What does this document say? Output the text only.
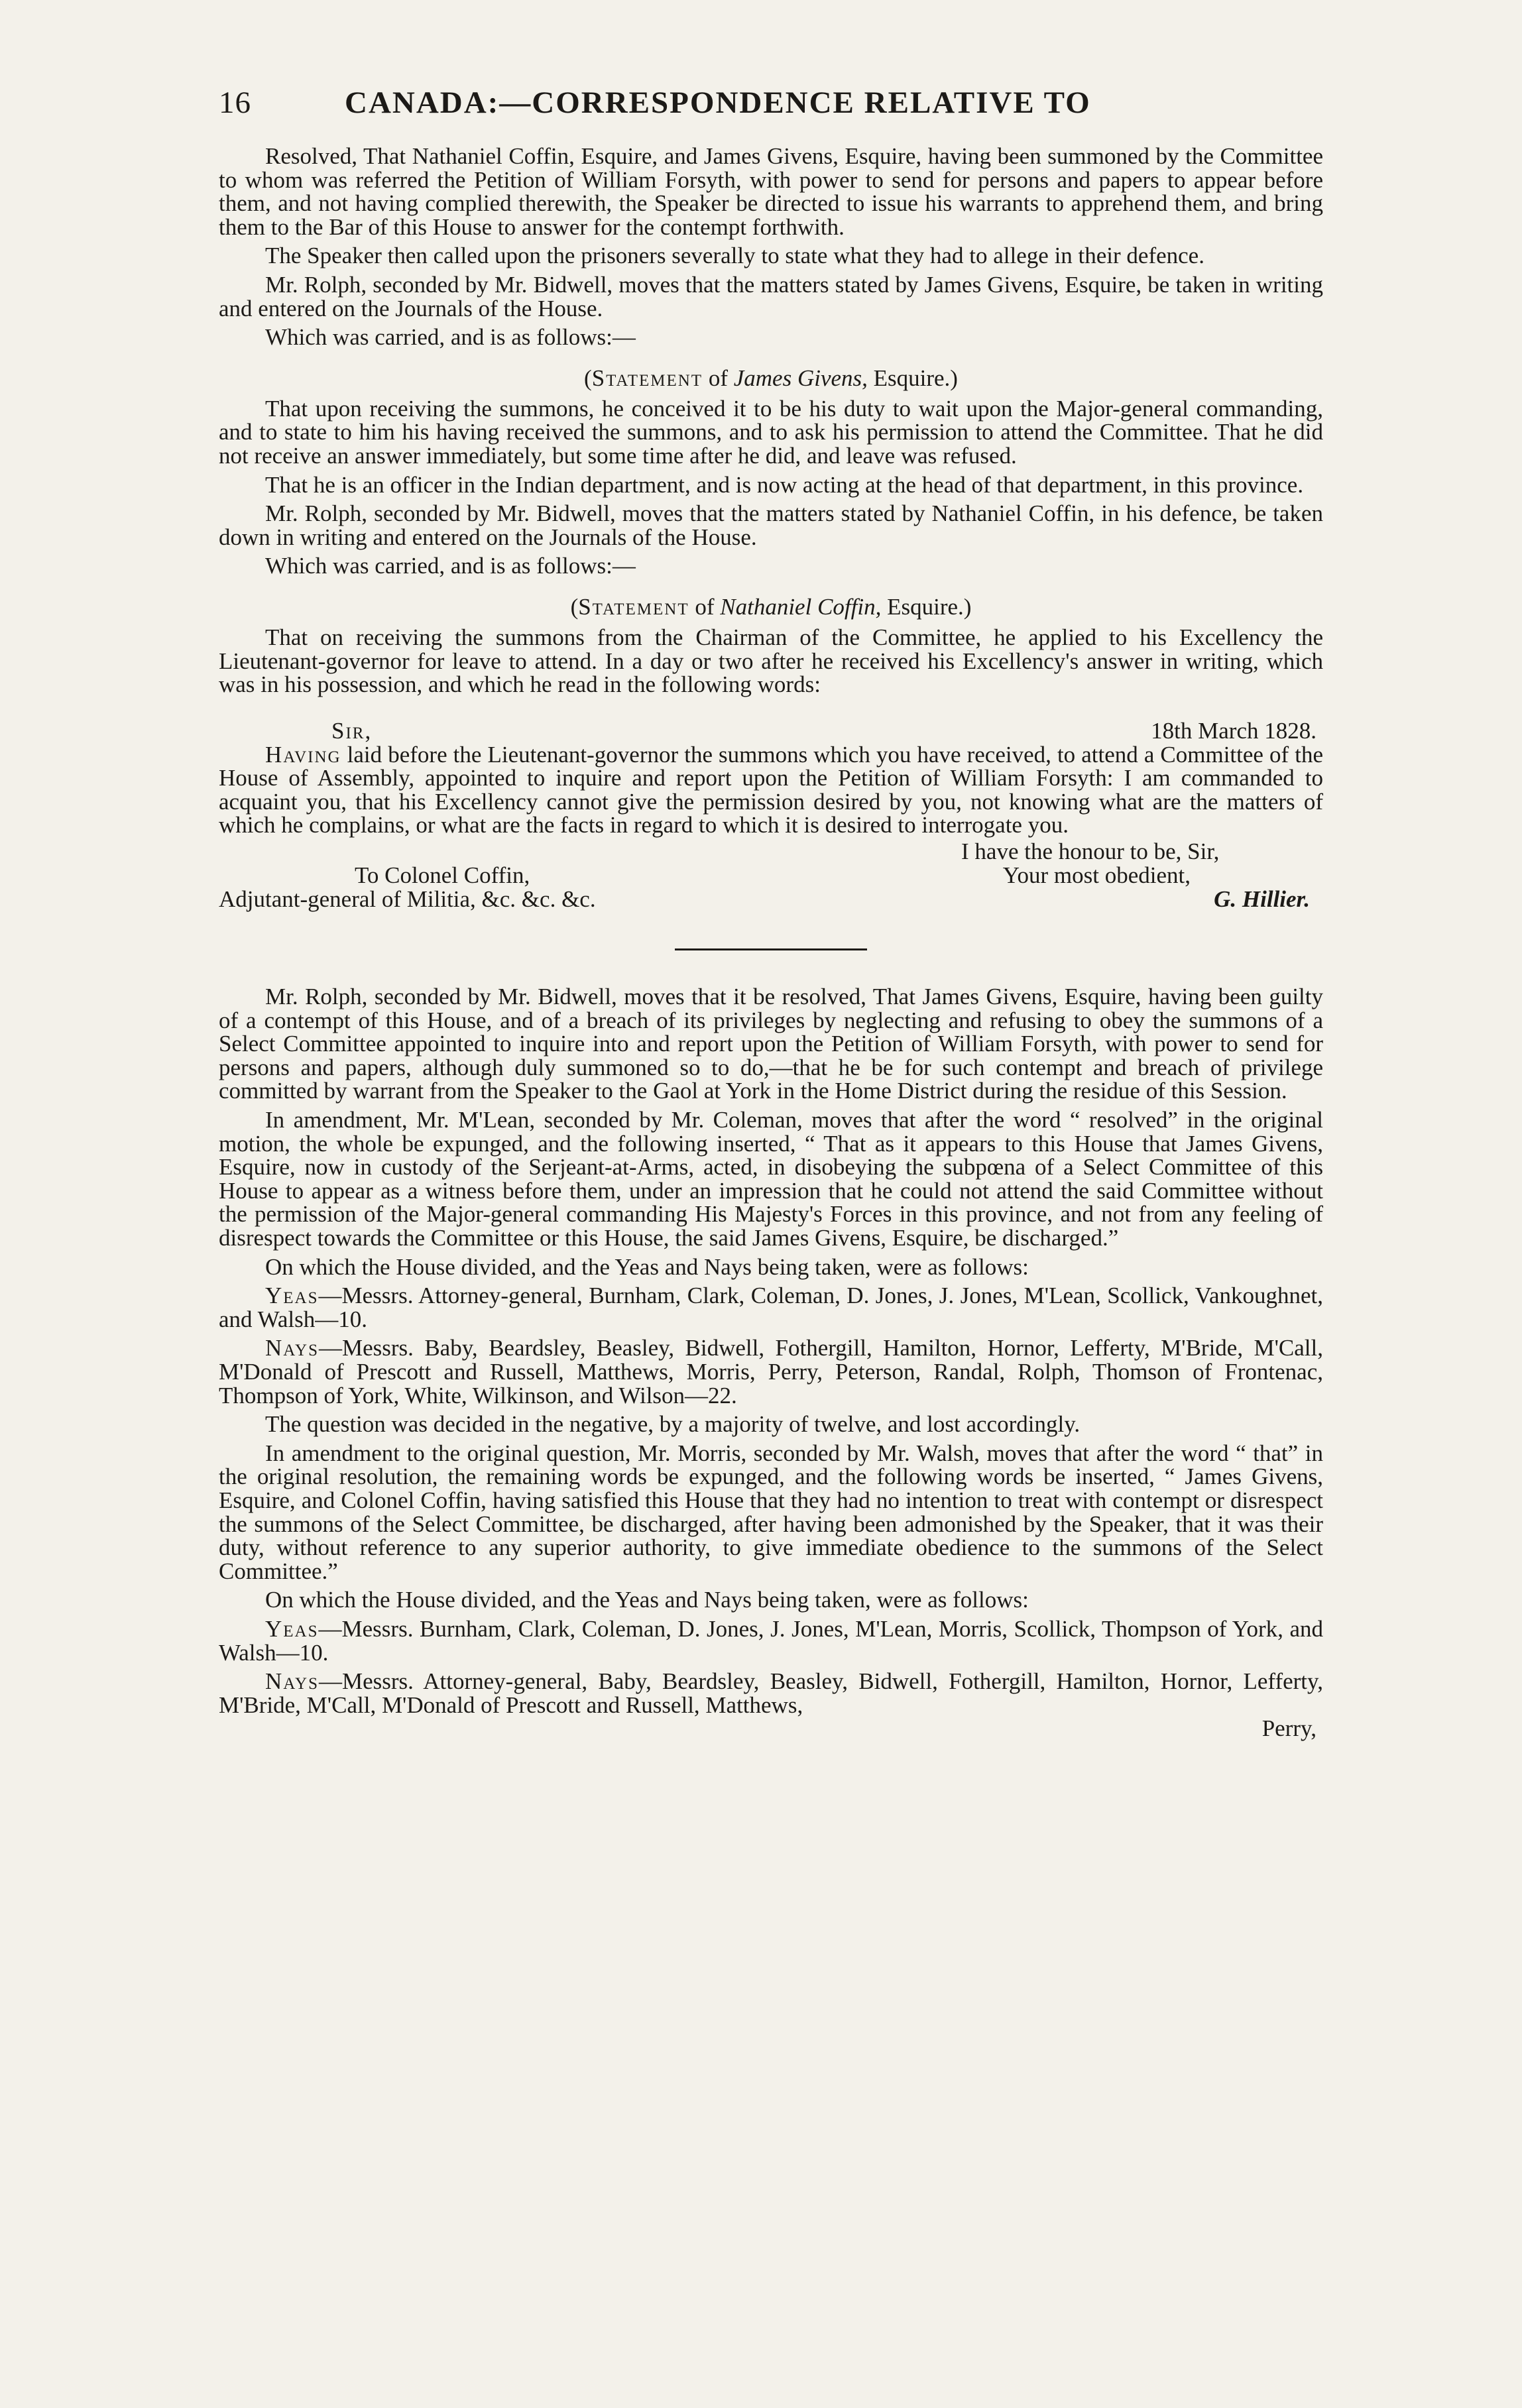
16	CANADA:—CORRESPONDENCE RELATIVE TO

Resolved, That Nathaniel Coffin, Esquire, and James Givens, Esquire, having been summoned by the Committee to whom was referred the Petition of William Forsyth, with power to send for persons and papers to appear before them, and not having complied therewith, the Speaker be directed to issue his warrants to apprehend them, and bring them to the Bar of this House to answer for the contempt forthwith.

The Speaker then called upon the prisoners severally to state what they had to allege in their defence.

Mr. Rolph, seconded by Mr. Bidwell, moves that the matters stated by James Givens, Esquire, be taken in writing and entered on the Journals of the House.

Which was carried, and is as follows:—

(Statement of James Givens, Esquire.)

That upon receiving the summons, he conceived it to be his duty to wait upon the Major-general commanding, and to state to him his having received the summons, and to ask his permission to attend the Committee. That he did not receive an answer immediately, but some time after he did, and leave was refused.

That he is an officer in the Indian department, and is now acting at the head of that department, in this province.

Mr. Rolph, seconded by Mr. Bidwell, moves that the matters stated by Nathaniel Coffin, in his defence, be taken down in writing and entered on the Journals of the House.

Which was carried, and is as follows:—

(Statement of Nathaniel Coffin, Esquire.)

That on receiving the summons from the Chairman of the Committee, he applied to his Excellency the Lieutenant-governor for leave to attend. In a day or two after he received his Excellency's answer in writing, which was in his possession, and which he read in the following words:

Sir,	18th March 1828.

Having laid before the Lieutenant-governor the summons which you have received, to attend a Committee of the House of Assembly, appointed to inquire and report upon the Petition of William Forsyth: I am commanded to acquaint you, that his Excellency cannot give the permission desired by you, not knowing what are the matters of which he complains, or what are the facts in regard to which it is desired to interrogate you.

I have the honour to be, Sir,
To Colonel Coffin,	Your most obedient,
Adjutant-general of Militia, &c. &c. &c.	G. Hillier.

Mr. Rolph, seconded by Mr. Bidwell, moves that it be resolved, That James Givens, Esquire, having been guilty of a contempt of this House, and of a breach of its privileges by neglecting and refusing to obey the summons of a Select Committee appointed to inquire into and report upon the Petition of William Forsyth, with power to send for persons and papers, although duly summoned so to do,—that he be for such contempt and breach of privilege committed by warrant from the Speaker to the Gaol at York in the Home District during the residue of this Session.

In amendment, Mr. M'Lean, seconded by Mr. Coleman, moves that after the word “ resolved” in the original motion, the whole be expunged, and the following inserted, “ That as it appears to this House that James Givens, Esquire, now in custody of the Serjeant-at-Arms, acted, in disobeying the subpœna of a Select Committee of this House to appear as a witness before them, under an impression that he could not attend the said Committee without the permission of the Major-general commanding His Majesty's Forces in this province, and not from any feeling of disrespect towards the Committee or this House, the said James Givens, Esquire, be discharged.”

On which the House divided, and the Yeas and Nays being taken, were as follows:

Yeas—Messrs. Attorney-general, Burnham, Clark, Coleman, D. Jones, J. Jones, M'Lean, Scollick, Vankoughnet, and Walsh—10.

Nays—Messrs. Baby, Beardsley, Beasley, Bidwell, Fothergill, Hamilton, Hornor, Lefferty, M'Bride, M'Call, M'Donald of Prescott and Russell, Matthews, Morris, Perry, Peterson, Randal, Rolph, Thomson of Frontenac, Thompson of York, White, Wilkinson, and Wilson—22.

The question was decided in the negative, by a majority of twelve, and lost accordingly.

In amendment to the original question, Mr. Morris, seconded by Mr. Walsh, moves that after the word “ that” in the original resolution, the remaining words be expunged, and the following words be inserted, “ James Givens, Esquire, and Colonel Coffin, having satisfied this House that they had no intention to treat with contempt or disrespect the summons of the Select Committee, be discharged, after having been admonished by the Speaker, that it was their duty, without reference to any superior authority, to give immediate obedience to the summons of the Select Committee.”

On which the House divided, and the Yeas and Nays being taken, were as follows:

Yeas—Messrs. Burnham, Clark, Coleman, D. Jones, J. Jones, M'Lean, Morris, Scollick, Thompson of York, and Walsh—10.

Nays—Messrs. Attorney-general, Baby, Beardsley, Beasley, Bidwell, Fothergill, Hamilton, Hornor, Lefferty, M'Bride, M'Call, M'Donald of Prescott and Russell, Matthews,

Perry,
